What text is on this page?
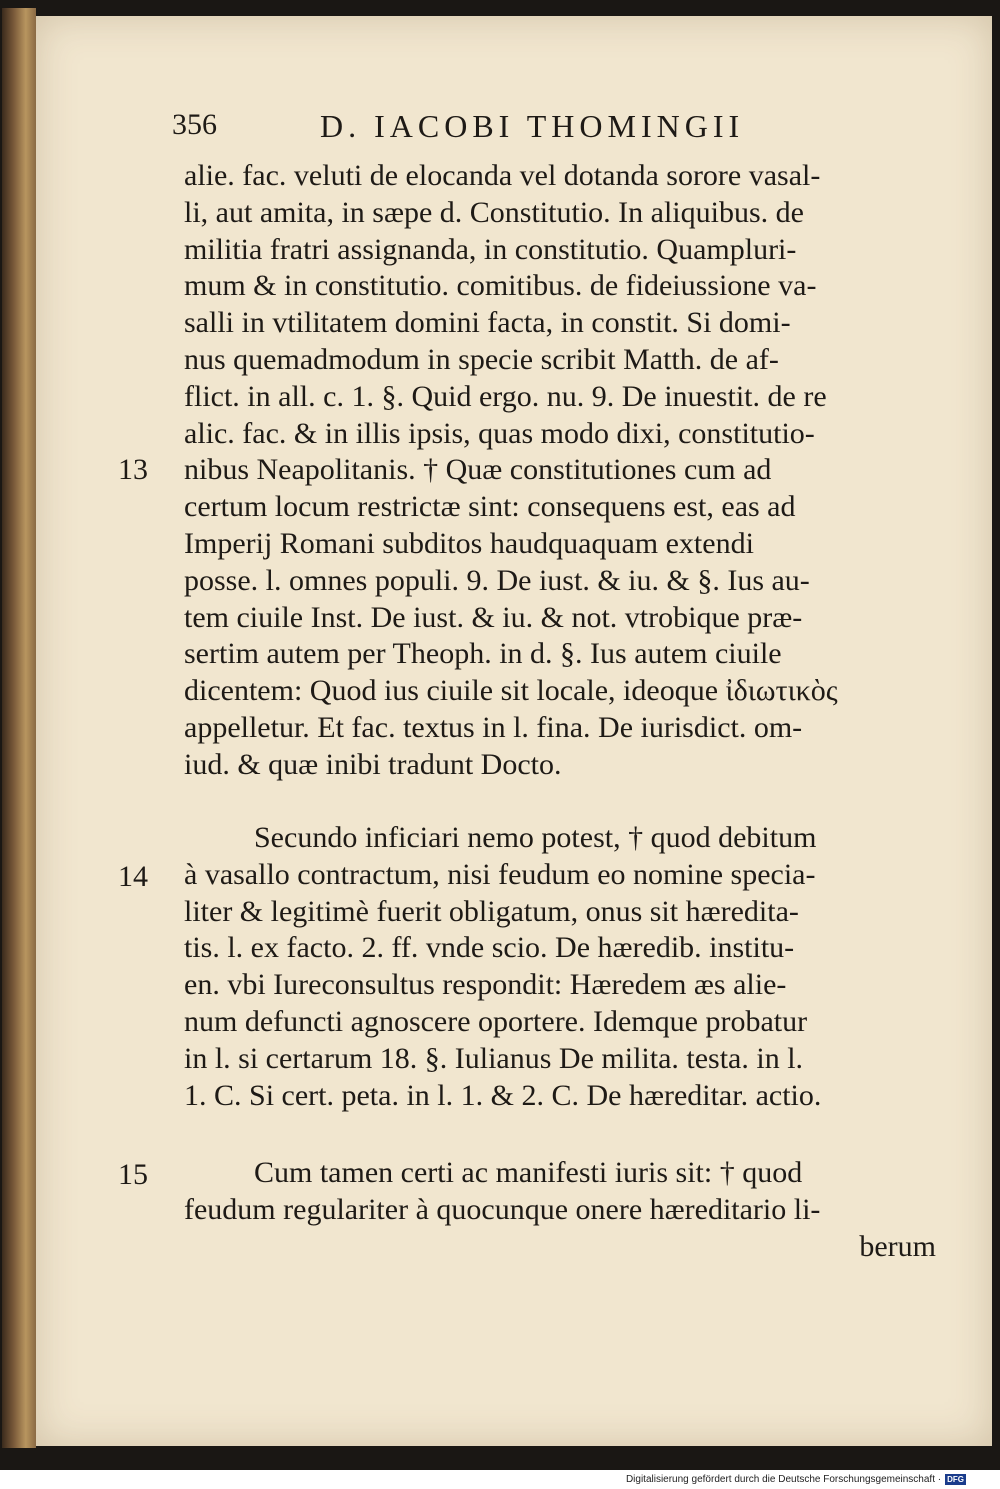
356	D. IACOBI THOMINGII
alie. fac. veluti de elocanda vel dotanda sorore vasal-
li, aut amita, in sæpe d. Constitutio. In aliquibus. de
militia fratri assignanda, in constitutio. Quampluri-
mum & in constitutio. comitibus. de fideiussione va-
salli in vtilitatem domini facta, in constit. Si domi-
nus quemadmodum in specie scribit Matth. de af-
flict. in all. c. 1. §. Quid ergo. nu. 9. De inuestit. de re
alic. fac. & in illis ipsis, quas modo dixi, constitutio-
nibus Neapolitanis. † Quæ constitutiones cum ad
certum locum restrictæ sint: consequens est, eas ad
Imperij Romani subditos haudquaquam extendi
posse. l. omnes populi. 9. De iust. & iu. & §. Ius au-
tem ciuile Inst. De iust. & iu. & not. vtrobique præ-
sertim autem per Theoph. in d. §. Ius autem ciuile
dicentem: Quod ius ciuile sit locale, ideoque ἰδιωτικὸς
appelletur. Et fac. textus in l. fina. De iurisdict. om-
iud. & quæ inibi tradunt Docto.
13
Secundo inficiari nemo potest, † quod debitum
à vasallo contractum, nisi feudum eo nomine specia-
liter & legitimè fuerit obligatum, onus sit hæredita-
tis. l. ex facto. 2. ff. vnde scio. De hæredib. institu-
en. vbi Iureconsultus respondit: Hæredem æs alie-
num defuncti agnoscere oportere. Idemque probatur
in l. si certarum 18. §. Iulianus De milita. testa. in l.
1. C. Si cert. peta. in l. 1. & 2. C. De hæreditar. actio.
14
Cum tamen certi ac manifesti iuris sit: † quod
feudum regulariter à quocunque onere hæreditario li-
berum
15
Digitalisierung gefördert durch die Deutsche Forschungsgemeinschaft · DFG
